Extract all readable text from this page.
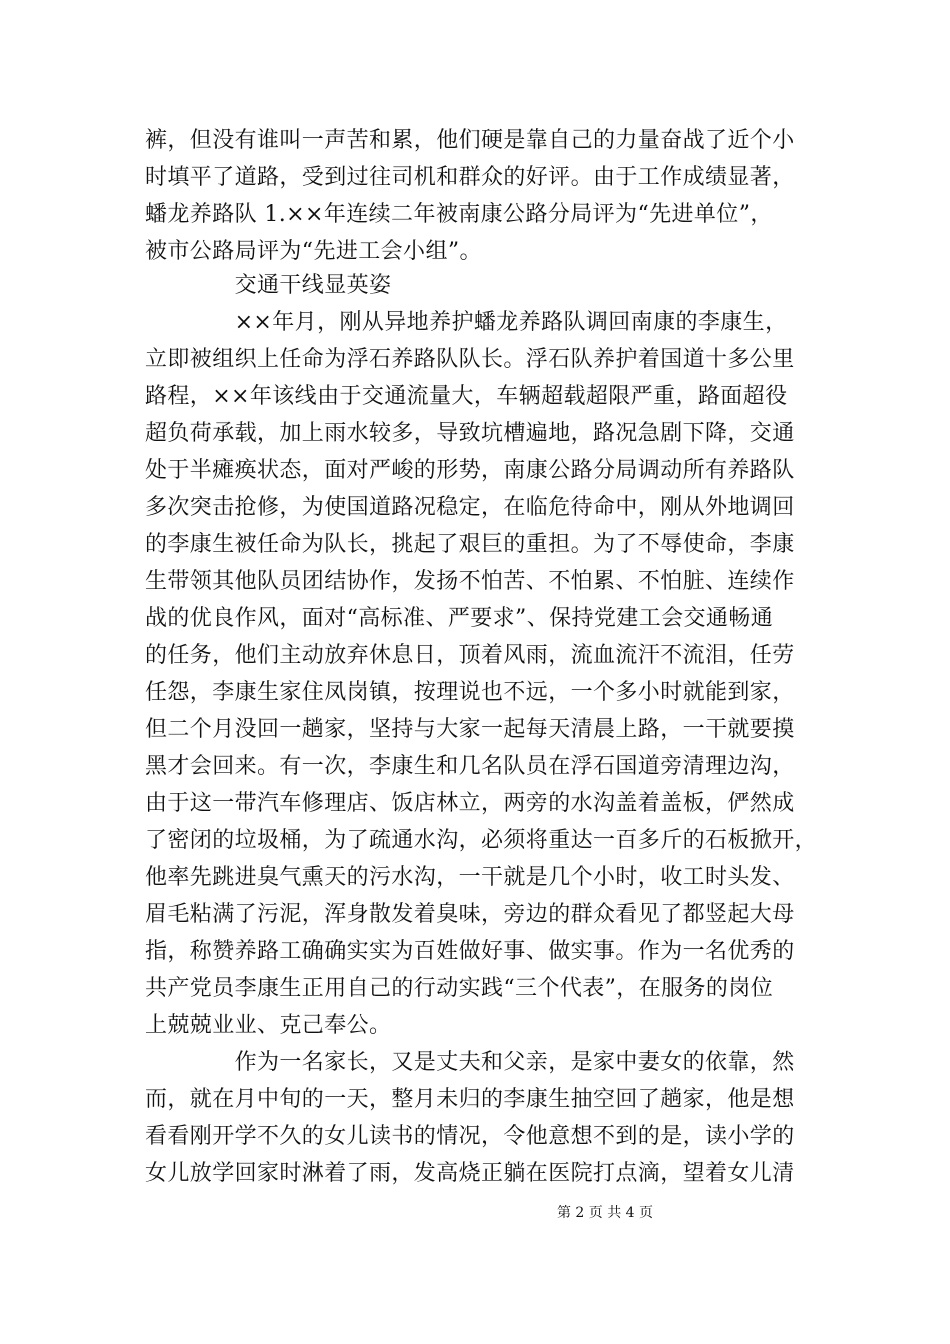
裤，但没有谁叫一声苦和累，他们硬是靠自己的力量奋战了近个小
时填平了道路，受到过往司机和群众的好评。由于工作成绩显著，
蟠龙养路队 1.××年连续二年被南康公路分局评为“先进单位”，
被市公路局评为“先进工会小组”。
　　　　交通干线显英姿
　　　　××年月，刚从异地养护蟠龙养路队调回南康的李康生，
立即被组织上任命为浮石养路队队长。浮石队养护着国道十多公里
路程，××年该线由于交通流量大，车辆超载超限严重，路面超役
超负荷承载，加上雨水较多，导致坑槽遍地，路况急剧下降，交通
处于半瘫痪状态，面对严峻的形势，南康公路分局调动所有养路队
多次突击抢修，为使国道路况稳定，在临危待命中，刚从外地调回
的李康生被任命为队长，挑起了艰巨的重担。为了不辱使命，李康
生带领其他队员团结协作，发扬不怕苦、不怕累、不怕脏、连续作
战的优良作风，面对“高标准、严要求”、保持党建工会交通畅通
的任务，他们主动放弃休息日，顶着风雨，流血流汗不流泪，任劳
任怨，李康生家住凤岗镇，按理说也不远，一个多小时就能到家，
但二个月没回一趟家，坚持与大家一起每天清晨上路，一干就要摸
黑才会回来。有一次，李康生和几名队员在浮石国道旁清理边沟，
由于这一带汽车修理店、饭店林立，两旁的水沟盖着盖板，俨然成
了密闭的垃圾桶，为了疏通水沟，必须将重达一百多斤的石板掀开，
他率先跳进臭气熏天的污水沟，一干就是几个小时，收工时头发、
眉毛粘满了污泥，浑身散发着臭味，旁边的群众看见了都竖起大母
指，称赞养路工确确实实为百姓做好事、做实事。作为一名优秀的
共产党员李康生正用自己的行动实践“三个代表”，在服务的岗位
上兢兢业业、克己奉公。
　　　　作为一名家长，又是丈夫和父亲，是家中妻女的依靠，然
而，就在月中旬的一天，整月未归的李康生抽空回了趟家，他是想
看看刚开学不久的女儿读书的情况，令他意想不到的是，读小学的
女儿放学回家时淋着了雨，发高烧正躺在医院打点滴，望着女儿清
第 2 页 共 4 页
